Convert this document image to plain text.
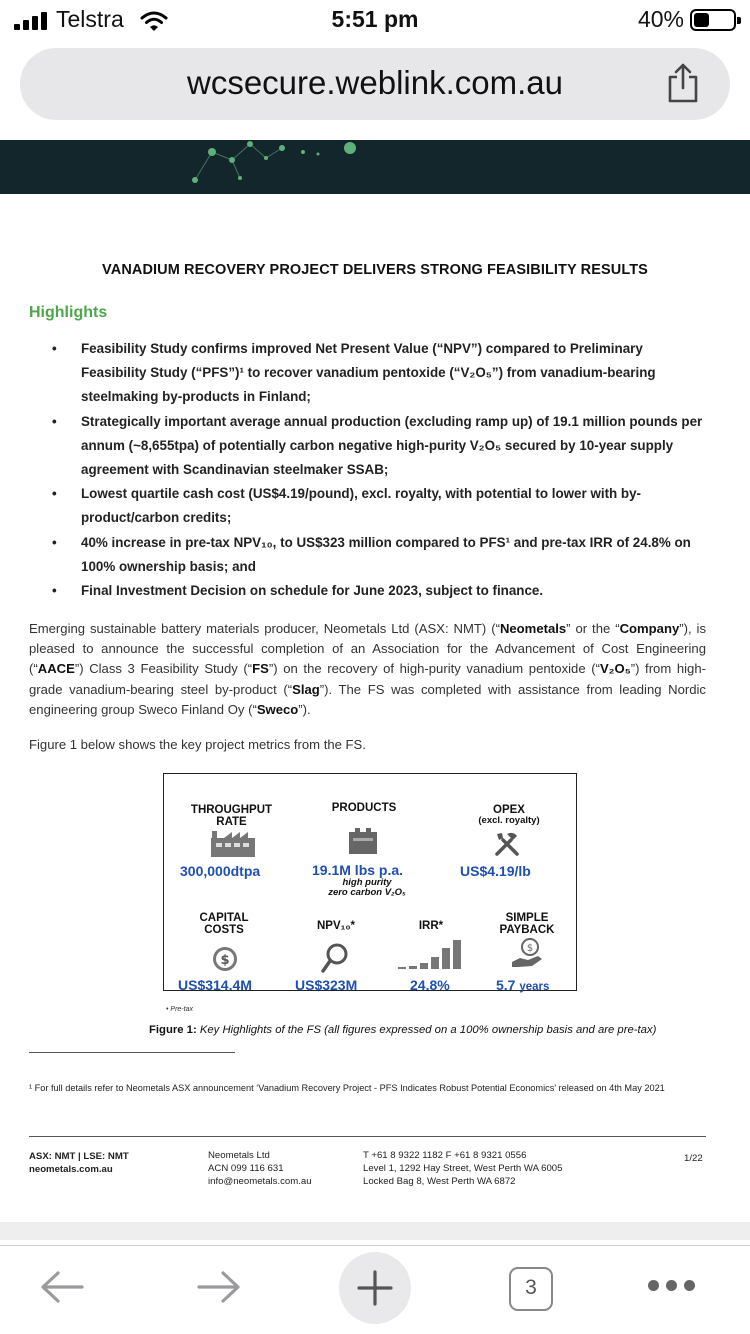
Telstra	5:51 pm	40%
wcsecure.weblink.com.au
VANADIUM RECOVERY PROJECT DELIVERS STRONG FEASIBILITY RESULTS
Highlights
• Feasibility Study confirms improved Net Present Value (“NPV”) compared to Preliminary Feasibility Study (“PFS”)¹ to recover vanadium pentoxide (“V₂O₅”) from vanadium-bearing steelmaking by-products in Finland;
• Strategically important average annual production (excluding ramp up) of 19.1 million pounds per annum (~8,655tpa) of potentially carbon negative high-purity V₂O₅ secured by 10-year supply agreement with Scandinavian steelmaker SSAB;
• Lowest quartile cash cost (US$4.19/pound), excl. royalty, with potential to lower with by-product/carbon credits;
• 40% increase in pre-tax NPV₁₀, to US$323 million compared to PFS¹ and pre-tax IRR of 24.8% on 100% ownership basis; and
• Final Investment Decision on schedule for June 2023, subject to finance.

Emerging sustainable battery materials producer, Neometals Ltd (ASX: NMT) (“Neometals” or the “Company”), is pleased to announce the successful completion of an Association for the Advancement of Cost Engineering (“AACE”) Class 3 Feasibility Study (“FS”) on the recovery of high-purity vanadium pentoxide (“V₂O₅”) from high-grade vanadium-bearing steel by-product (“Slag”). The FS was completed with assistance from leading Nordic engineering group Sweco Finland Oy (“Sweco”).

Figure 1 below shows the key project metrics from the FS.
THROUGHPUT
RATE
300,000dtpa
PRODUCTS
19.1M lbs p.a.
high purity
zero carbon V₂O₅
OPEX
(excl. royalty)
US$4.19/lb
CAPITAL
COSTS
$
US$314.4M
NPV₁₀*
US$323M
IRR*
24.8%
SIMPLE
PAYBACK
$
5.7 years
• Pre-tax
Figure 1: Key Highlights of the FS (all figures expressed on a 100% ownership basis and are pre-tax)
¹ For full details refer to Neometals ASX announcement ‘Vanadium Recovery Project - PFS Indicates Robust Potential Economics’ released on 4th May 2021
ASX: NMT | LSE: NMT
neometals.com.au
Neometals Ltd
ACN 099 116 631
info@neometals.com.au
T +61 8 9322 1182 F +61 8 9321 0556
Level 1, 1292 Hay Street, West Perth WA 6005
Locked Bag 8, West Perth WA 6872
1/22
3
